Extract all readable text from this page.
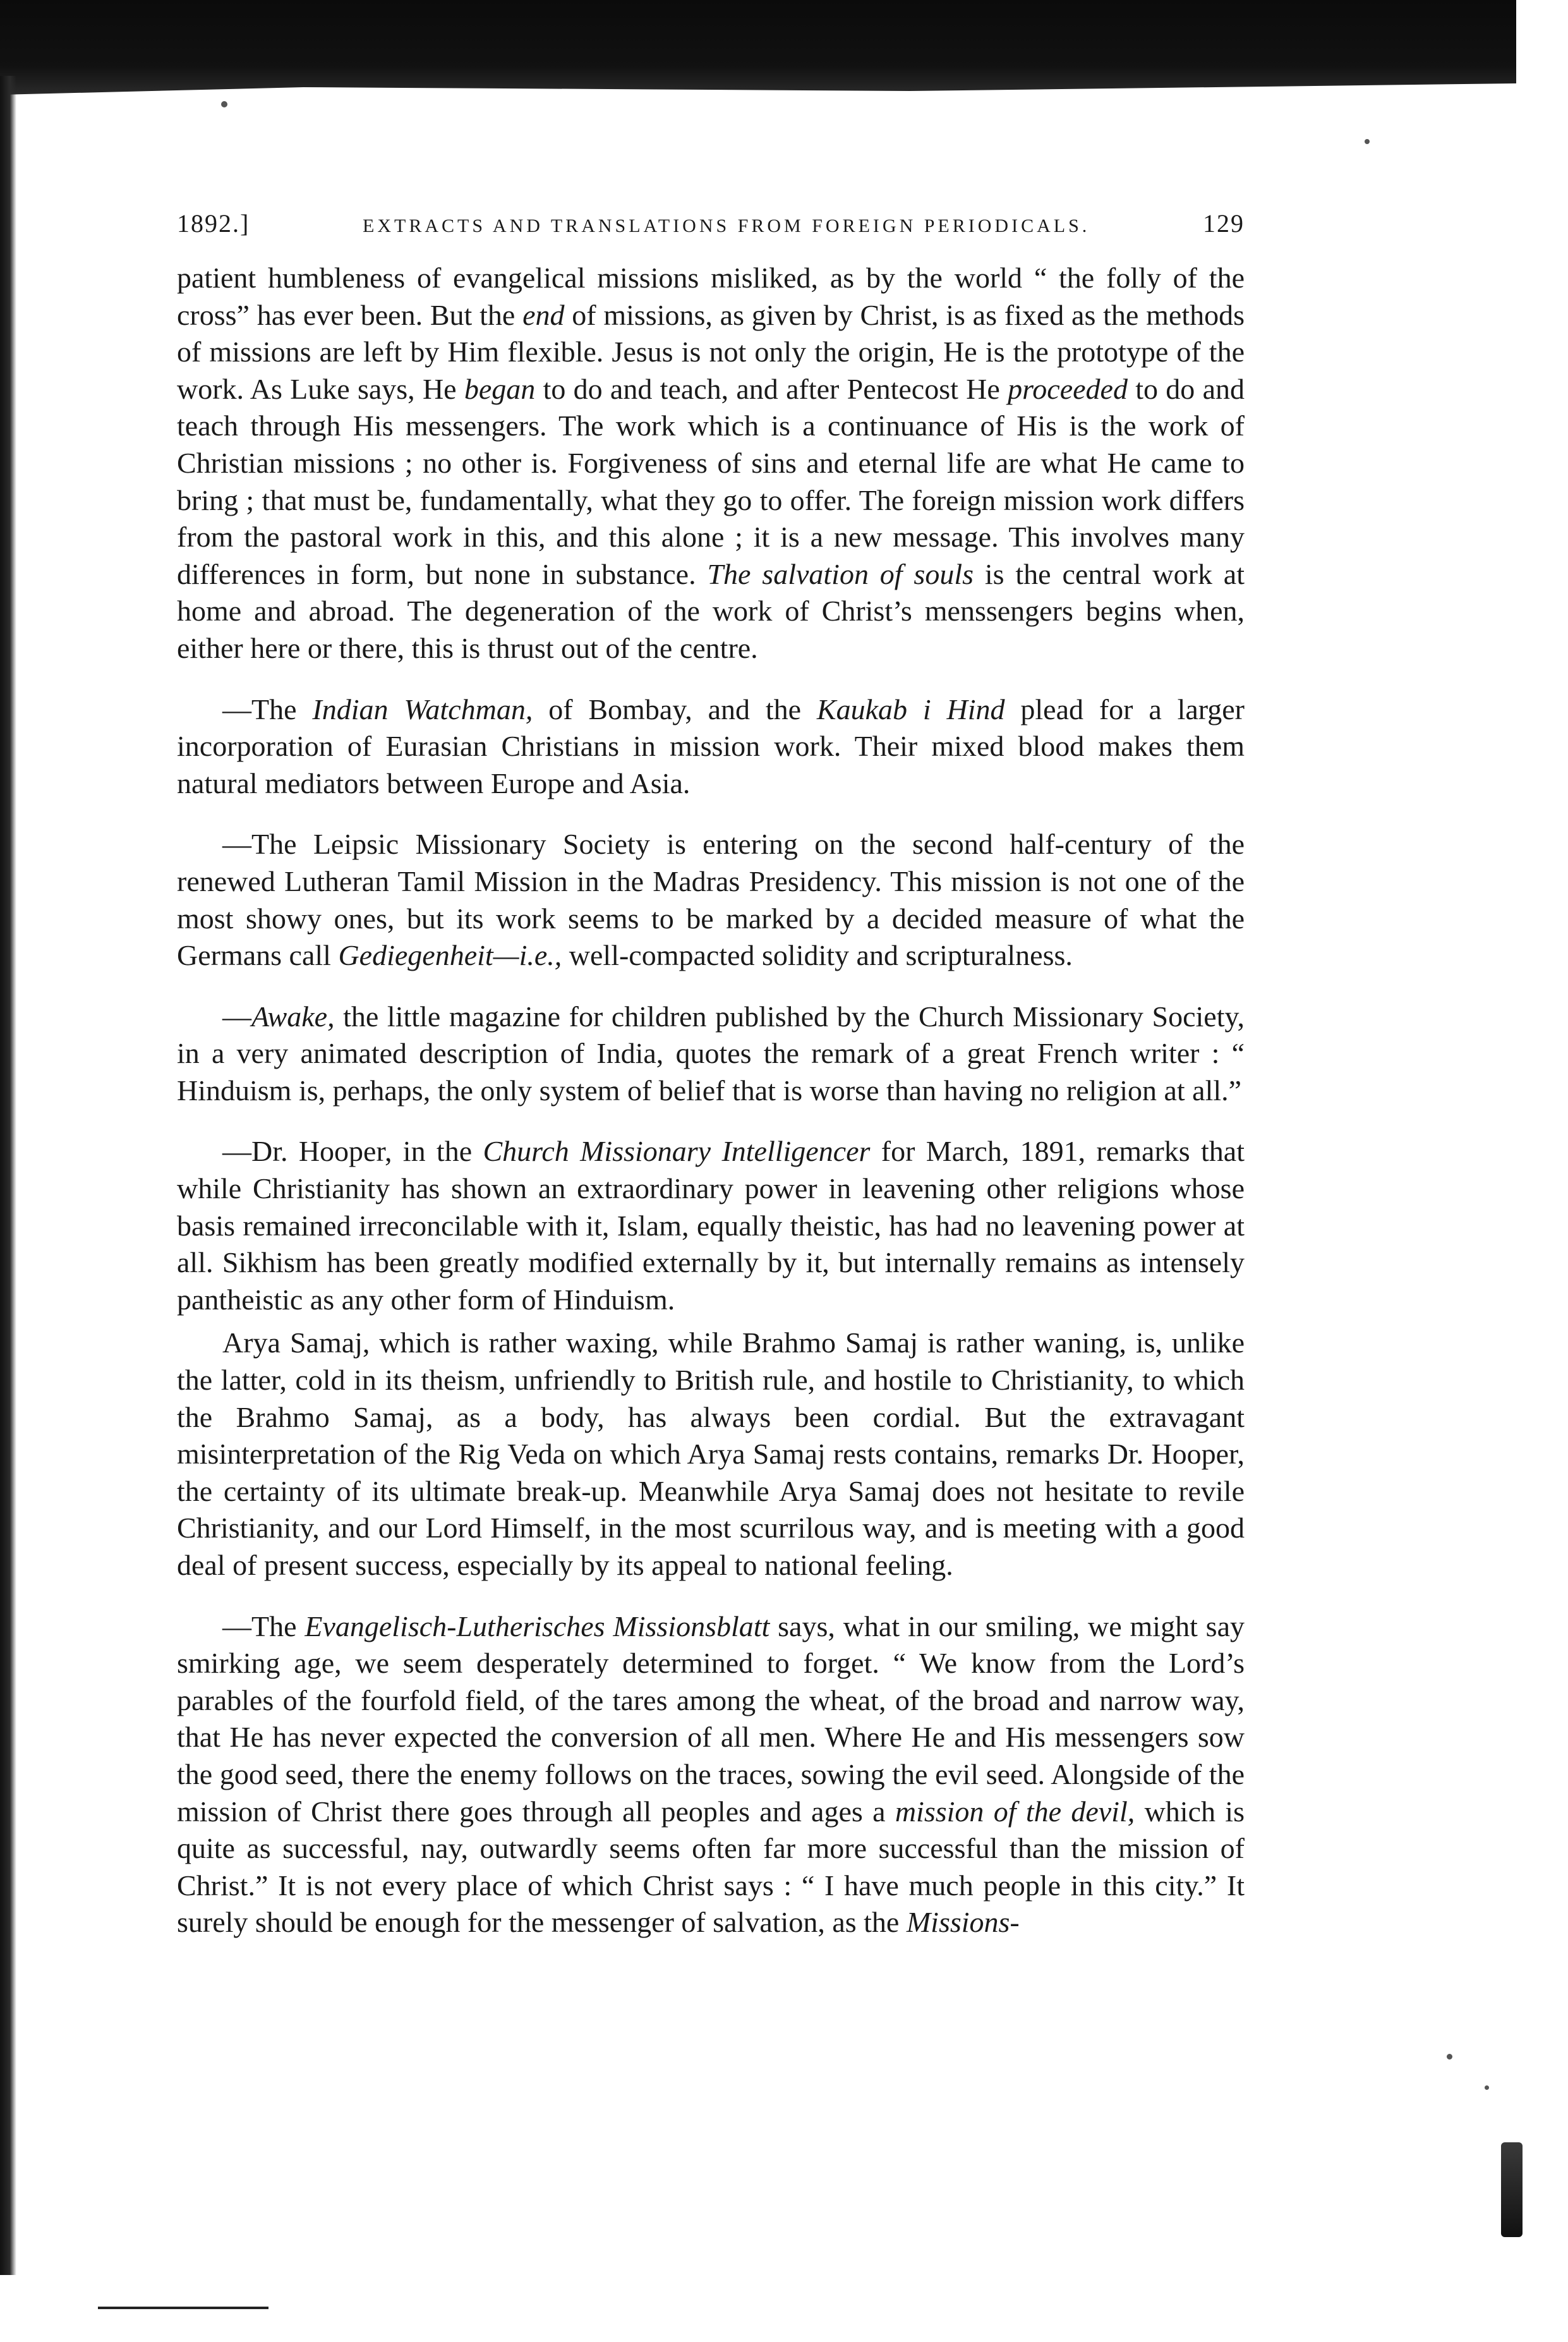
1892.]	EXTRACTS AND TRANSLATIONS FROM FOREIGN PERIODICALS.	129

patient humbleness of evangelical missions misliked, as by the world “ the folly of the cross” has ever been. But the end of missions, as given by Christ, is as fixed as the methods of missions are left by Him flexible. Jesus is not only the origin, He is the prototype of the work. As Luke says, He began to do and teach, and after Pentecost He proceeded to do and teach through His messengers. The work which is a continuance of His is the work of Christian missions ; no other is. Forgiveness of sins and eternal life are what He came to bring ; that must be, fundamentally, what they go to offer. The foreign mission work differs from the pastoral work in this, and this alone ; it is a new message. This involves many differences in form, but none in substance. The salvation of souls is the central work at home and abroad. The degeneration of the work of Christ’s menssengers begins when, either here or there, this is thrust out of the centre.

—The Indian Watchman, of Bombay, and the Kaukab i Hind plead for a larger incorporation of Eurasian Christians in mission work. Their mixed blood makes them natural mediators between Europe and Asia.

—The Leipsic Missionary Society is entering on the second half-century of the renewed Lutheran Tamil Mission in the Madras Presidency. This mission is not one of the most showy ones, but its work seems to be marked by a decided measure of what the Germans call Gediegenheit—i.e., well-compacted solidity and scripturalness.

—Awake, the little magazine for children published by the Church Missionary Society, in a very animated description of India, quotes the remark of a great French writer : “ Hinduism is, perhaps, the only system of belief that is worse than having no religion at all.”

—Dr. Hooper, in the Church Missionary Intelligencer for March, 1891, remarks that while Christianity has shown an extraordinary power in leavening other religions whose basis remained irreconcilable with it, Islam, equally theistic, has had no leavening power at all. Sikhism has been greatly modified externally by it, but internally remains as intensely pantheistic as any other form of Hinduism.

Arya Samaj, which is rather waxing, while Brahmo Samaj is rather waning, is, unlike the latter, cold in its theism, unfriendly to British rule, and hostile to Christianity, to which the Brahmo Samaj, as a body, has always been cordial. But the extravagant misinterpretation of the Rig Veda on which Arya Samaj rests contains, remarks Dr. Hooper, the certainty of its ultimate break-up. Meanwhile Arya Samaj does not hesitate to revile Christianity, and our Lord Himself, in the most scurrilous way, and is meeting with a good deal of present success, especially by its appeal to national feeling.

—The Evangelisch-Lutherisches Missionsblatt says, what in our smiling, we might say smirking age, we seem desperately determined to forget. “ We know from the Lord’s parables of the fourfold field, of the tares among the wheat, of the broad and narrow way, that He has never expected the conversion of all men. Where He and His messengers sow the good seed, there the enemy follows on the traces, sowing the evil seed. Alongside of the mission of Christ there goes through all peoples and ages a mission of the devil, which is quite as successful, nay, outwardly seems often far more successful than the mission of Christ.” It is not every place of which Christ says : “ I have much people in this city.” It surely should be enough for the messenger of salvation, as the Missions-
